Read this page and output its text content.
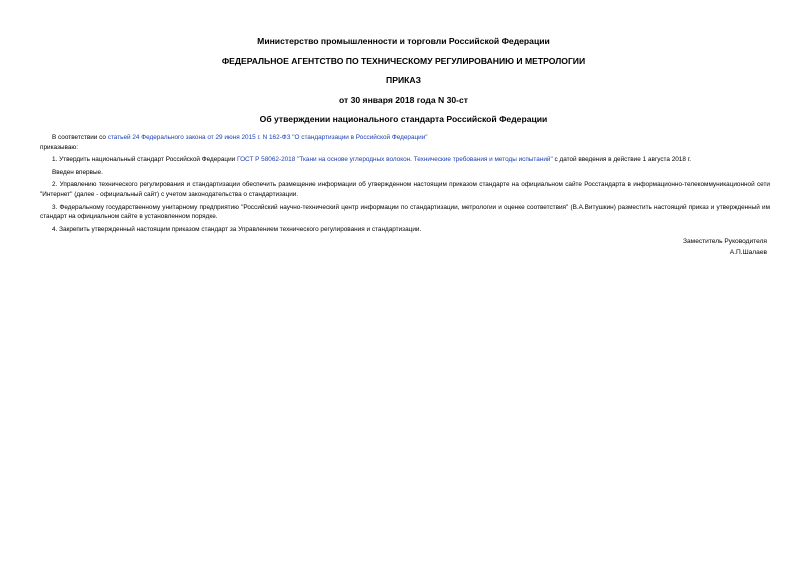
Министерство промышленности и торговли Российской Федерации
ФЕДЕРАЛЬНОЕ АГЕНТСТВО ПО ТЕХНИЧЕСКОМУ РЕГУЛИРОВАНИЮ И МЕТРОЛОГИИ
ПРИКАЗ
от 30 января 2018 года N 30-ст
Об утверждении национального стандарта Российской Федерации

В соответствии со статьей 24 Федерального закона от 29 июня 2015 г. N 162-ФЗ "О стандартизации в Российской Федерации"

приказываю:

1. Утвердить национальный стандарт Российской Федерации ГОСТ Р 58062-2018 "Ткани на основе углеродных волокон. Технические требования и методы испытаний" с датой введения в действие 1 августа 2018 г.

Введен впервые.

2. Управлению технического регулирования и стандартизации обеспечить размещение информации об утвержденном настоящим приказом стандарте на официальном сайте Росстандарта в информационно-телекоммуникационной сети "Интернет" (далее - официальный сайт) с учетом законодательства о стандартизации.

3. Федеральному государственному унитарному предприятию "Российский научно-технический центр информации по стандартизации, метрологии и оценке соответствия" (В.А.Витушкин) разместить настоящий приказ и утвержденный им стандарт на официальном сайте в установленном порядке.

4. Закрепить утвержденный настоящим приказом стандарт за Управлением технического регулирования и стандартизации.

Заместитель Руководителя
А.П.Шалаев
